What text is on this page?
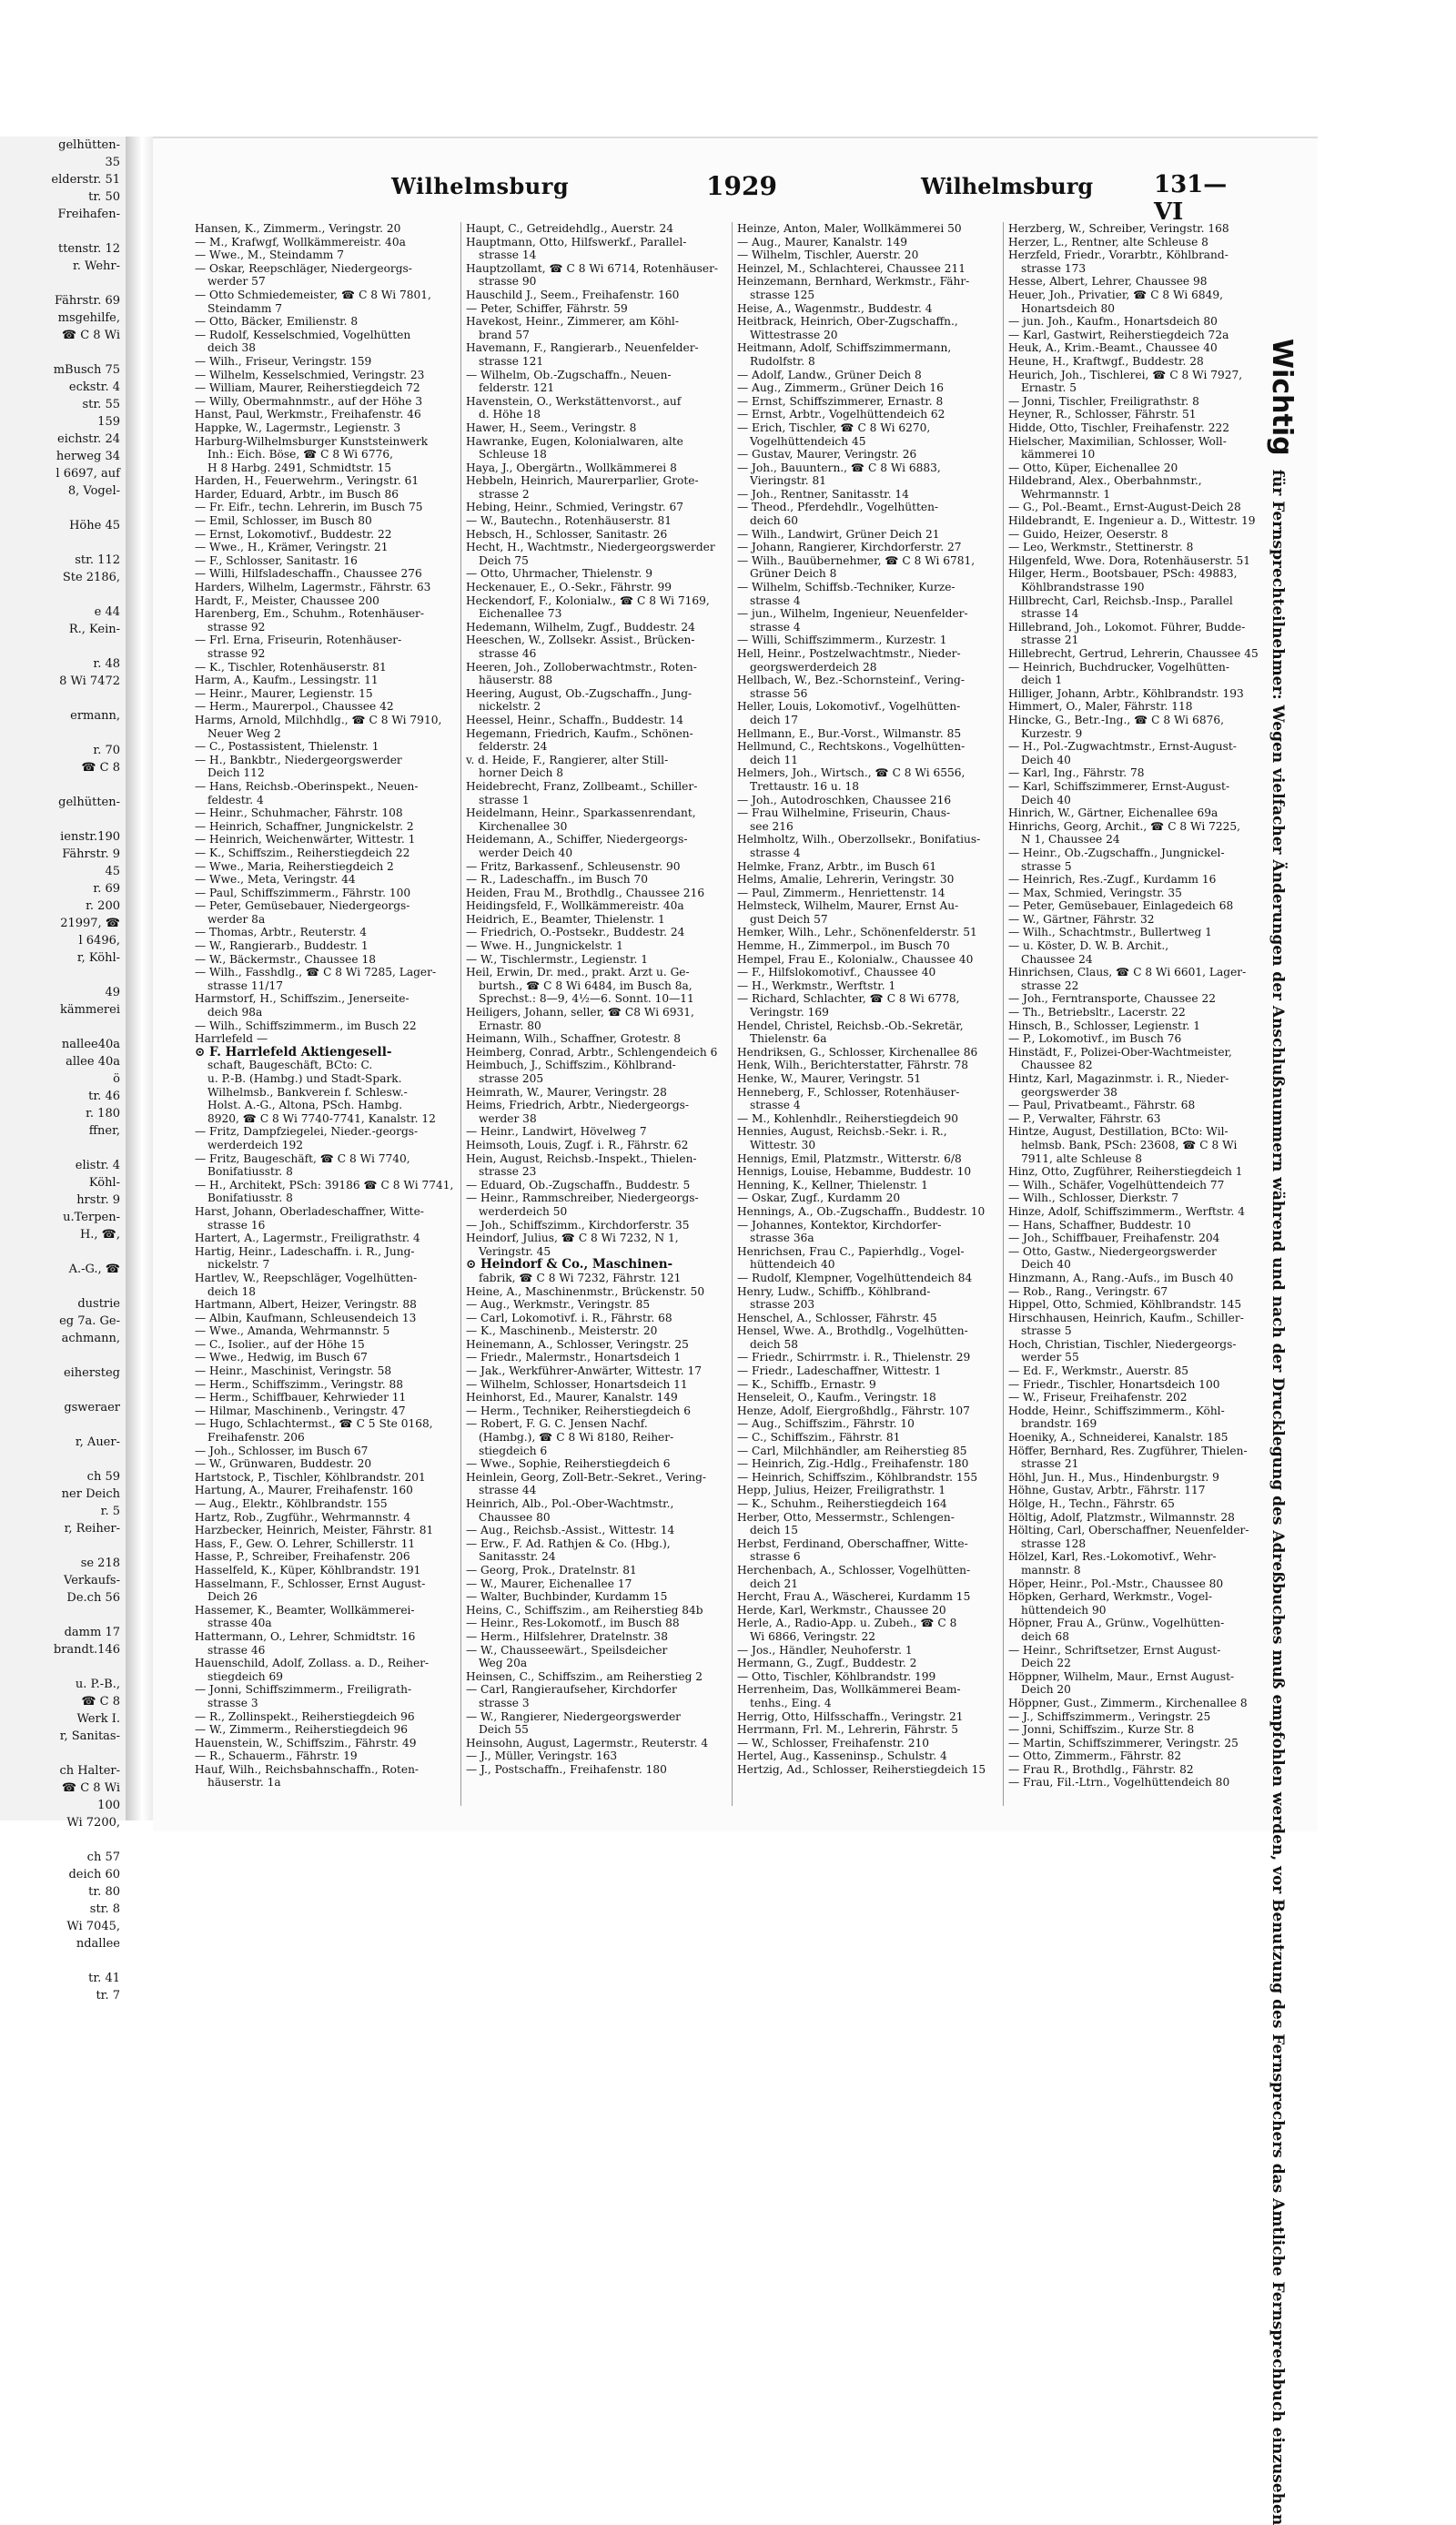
gelhütten-
35
elderstr. 51
tr. 50
Freihafen-

ttenstr. 12
r. Wehr-

Fährstr. 69
msgehilfe,
☎ C 8 Wi

mBusch 75
eckstr. 4
str. 55
159
eichstr. 24
herweg 34
l 6697, auf
8, Vogel-

Höhe 45

str. 112
Ste 2186,

e 44
R., Kein-

r. 48
8 Wi 7472

ermann,

r. 70
☎ C 8

gelhütten-

ienstr.190
Fährstr. 9
45
r. 69
r. 200
21997, ☎
l 6496,
r, Köhl-

49
kämmerei

nallee40a
allee 40a
ö
tr. 46
r. 180
ffner,

elistr. 4
Köhl-
hrstr. 9
u.Terpen-
H., ☎,

A.-G., ☎

dustrie
eg 7a. Ge-
achmann,

eihersteg

gsweraer

r, Auer-

ch 59
ner Deich
r. 5
r, Reiher-

se 218
Verkaufs-
De.ch 56

damm 17
brandt.146

u. P.-B.,
☎ C 8
Werk I.
r, Sanitas-

ch Halter-
☎ C 8 Wi
100
Wi 7200,

ch 57
deich 60
tr. 80
str. 8
Wi 7045,
ndallee

tr. 41
tr. 7
Wilhelmsburg	1929	Wilhelmsburg	131—VI
Hansen, K., Zimmerm., Veringstr. 20
— M., Krafwgf, Wollkämmereistr. 40a
— Wwe., M., Steindamm 7
— Oskar, Reepschläger, Niedergeorgs-
werder 57
— Otto Schmiedemeister, ☎ C 8 Wi 7801,
Steindamm 7
— Otto, Bäcker, Emilienstr. 8
— Rudolf, Kesselschmied, Vogelhütten
deich 38
— Wilh., Friseur, Veringstr. 159
— Wilhelm, Kesselschmied, Veringstr. 23
— William, Maurer, Reiherstiegdeich 72
— Willy, Obermahnmstr., auf der Höhe 3
Hanst, Paul, Werkmstr., Freihafenstr. 46
Happke, W., Lagermstr., Legienstr. 3
Harburg-Wilhelmsburger Kunststeinwerk
Inh.: Eich. Böse, ☎ C 8 Wi 6776,
H 8 Harbg. 2491, Schmidtstr. 15
Harden, H., Feuerwehrm., Veringstr. 61
Harder, Eduard, Arbtr., im Busch 86
— Fr. Eifr., techn. Lehrerin, im Busch 75
— Emil, Schlosser, im Busch 80
— Ernst, Lokomotivf., Buddestr. 22
— Wwe., H., Krämer, Veringstr. 21
— F., Schlosser, Sanitastr. 16
— Willi, Hilfsladeschaffn., Chaussee 276
Harders, Wilhelm, Lagermstr., Fährstr. 63
Hardt, F., Meister, Chaussee 200
Harenberg, Em., Schuhm., Rotenhäuser-
strasse 92
— Frl. Erna, Friseurin, Rotenhäuser-
strasse 92
— K., Tischler, Rotenhäuserstr. 81
Harm, A., Kaufm., Lessingstr. 11
— Heinr., Maurer, Legienstr. 15
— Herm., Maurerpol., Chaussee 42
Harms, Arnold, Milchhdlg., ☎ C 8 Wi 7910,
Neuer Weg 2
— C., Postassistent, Thielenstr. 1
— H., Bankbtr., Niedergeorgswerder
Deich 112
— Hans, Reichsb.-Oberinspekt., Neuen-
feldestr. 4
— Heinr., Schuhmacher, Fährstr. 108
— Heinrich, Schaffner, Jungnickelstr. 2
— Heinrich, Weichenwärter, Wittestr. 1
— K., Schiffszim., Reiherstiegdeich 22
— Wwe., Maria, Reiherstiegdeich 2
— Wwe., Meta, Veringstr. 44
— Paul, Schiffszimmerm., Fährstr. 100
— Peter, Gemüsebauer, Niedergeorgs-
werder 8a
— Thomas, Arbtr., Reuterstr. 4
— W., Rangierarb., Buddestr. 1
— W., Bäckermstr., Chaussee 18
— Wilh., Fasshdlg., ☎ C 8 Wi 7285, Lager-
strasse 11/17
Harmstorf, H., Schiffszim., Jenerseite-
deich 98a
— Wilh., Schiffszimmerm., im Busch 22
Harrlefeld —
⊙ F. Harrlefeld Aktiengesell-
schaft, Baugeschäft, BCto: C.
u. P.-B. (Hambg.) und Stadt-Spark.
Wilhelmsb., Bankverein f. Schlesw.-
Holst. A.-G., Altona, PSch. Hambg.
8920, ☎ C 8 Wi 7740-7741, Kanalstr. 12
— Fritz, Dampfziegelei, Nieder.-georgs-
werderdeich 192
— Fritz, Baugeschäft, ☎ C 8 Wi 7740,
Bonifatiusstr. 8
— H., Architekt, PSch: 39186 ☎ C 8 Wi 7741,
Bonifatiusstr. 8
Harst, Johann, Oberladeschaffner, Witte-
strasse 16
Hartert, A., Lagermstr., Freiligrathstr. 4
Hartig, Heinr., Ladeschaffn. i. R., Jung-
nickelstr. 7
Hartlev, W., Reepschläger, Vogelhütten-
deich 18
Hartmann, Albert, Heizer, Veringstr. 88
— Albin, Kaufmann, Schleusendeich 13
— Wwe., Amanda, Wehrmannstr. 5
— C., Isolier., auf der Höhe 15
— Wwe., Hedwig, im Busch 67
— Heinr., Maschinist, Veringstr. 58
— Herm., Schiffszimm., Veringstr. 88
— Herm., Schiffbauer, Kehrwieder 11
— Hilmar, Maschinenb., Veringstr. 47
— Hugo, Schlachtermst., ☎ C 5 Ste 0168,
Freihafenstr. 206
— Joh., Schlosser, im Busch 67
— W., Grünwaren, Buddestr. 20
Hartstock, P., Tischler, Köhlbrandstr. 201
Hartung, A., Maurer, Freihafenstr. 160
— Aug., Elektr., Köhlbrandstr. 155
Hartz, Rob., Zugführ., Wehrmannstr. 4
Harzbecker, Heinrich, Meister, Fährstr. 81
Hass, F., Gew. O. Lehrer, Schillerstr. 11
Hasse, P., Schreiber, Freihafenstr. 206
Hasselfeld, K., Küper, Köhlbrandstr. 191
Hasselmann, F., Schlosser, Ernst August-
Deich 26
Hassemer, K., Beamter, Wollkämmerei-
strasse 40a
Hattermann, O., Lehrer, Schmidtstr. 16
strasse 46
Hauenschild, Adolf, Zollass. a. D., Reiher-
stiegdeich 69
— Jonni, Schiffszimmerm., Freiligrath-
strasse 3
— R., Zollinspekt., Reiherstiegdeich 96
— W., Zimmerm., Reiherstiegdeich 96
Hauenstein, W., Schiffszim., Fährstr. 49
— R., Schauerm., Fährstr. 19
Hauf, Wilh., Reichsbahnschaffn., Roten-
häuserstr. 1a
Haupt, C., Getreidehdlg., Auerstr. 24
Hauptmann, Otto, Hilfswerkf., Parallel-
strasse 14
Hauptzollamt, ☎ C 8 Wi 6714, Rotenhäuser-
strasse 90
Hauschild J., Seem., Freihafenstr. 160
— Peter, Schiffer, Fährstr. 59
Havekost, Heinr., Zimmerer, am Köhl-
brand 57
Havemann, F., Rangierarb., Neuenfelder-
strasse 121
— Wilhelm, Ob.-Zugschaffn., Neuen-
felderstr. 121
Havenstein, O., Werkstättenvorst., auf
d. Höhe 18
Hawer, H., Seem., Veringstr. 8
Hawranke, Eugen, Kolonialwaren, alte
Schleuse 18
Haya, J., Obergärtn., Wollkämmerei 8
Hebbeln, Heinrich, Maurerparlier, Grote-
strasse 2
Hebing, Heinr., Schmied, Veringstr. 67
— W., Bautechn., Rotenhäuserstr. 81
Hebsch, H., Schlosser, Sanitastr. 26
Hecht, H., Wachtmstr., Niedergeorgswerder
Deich 75
— Otto, Uhrmacher, Thielenstr. 9
Heckenauer, E., O.-Sekr., Fährstr. 99
Heckendorf, F., Kolonialw., ☎ C 8 Wi 7169,
Eichenallee 73
Hedemann, Wilhelm, Zugf., Buddestr. 24
Heeschen, W., Zollsekr. Assist., Brücken-
strasse 46
Heeren, Joh., Zolloberwachtmstr., Roten-
häuserstr. 88
Heering, August, Ob.-Zugschaffn., Jung-
nickelstr. 2
Heessel, Heinr., Schaffn., Buddestr. 14
Hegemann, Friedrich, Kaufm., Schönen-
felderstr. 24
v. d. Heide, F., Rangierer, alter Still-
horner Deich 8
Heidebrecht, Franz, Zollbeamt., Schiller-
strasse 1
Heidelmann, Heinr., Sparkassenrendant,
Kirchenallee 30
Heidemann, A., Schiffer, Niedergeorgs-
werder Deich 40
— Fritz, Barkassenf., Schleusenstr. 90
— R., Ladeschaffn., im Busch 70
Heiden, Frau M., Brothdlg., Chaussee 216
Heidingsfeld, F., Wollkämmereistr. 40a
Heidrich, E., Beamter, Thielenstr. 1
— Friedrich, O.-Postsekr., Buddestr. 24
— Wwe. H., Jungnickelstr. 1
— W., Tischlermstr., Legienstr. 1
Heil, Erwin, Dr. med., prakt. Arzt u. Ge-
burtsh., ☎ C 8 Wi 6484, im Busch 8a,
Sprechst.: 8—9, 4½—6. Sonnt. 10—11
Heiligers, Johann, seller, ☎ C8 Wi 6931,
Ernastr. 80
Heimann, Wilh., Schaffner, Grotestr. 8
Heimberg, Conrad, Arbtr., Schlengendeich 6
Heimbuch, J., Schiffszim., Köhlbrand-
strasse 205
Heimrath, W., Maurer, Veringstr. 28
Heims, Friedrich, Arbtr., Niedergeorgs-
werder 38
— Heinr., Landwirt, Hövelweg 7
Heimsoth, Louis, Zugf. i. R., Fährstr. 62
Hein, August, Reichsb.-Inspekt., Thielen-
strasse 23
— Eduard, Ob.-Zugschaffn., Buddestr. 5
— Heinr., Rammschreiber, Niedergeorgs-
werderdeich 50
— Joh., Schiffszimm., Kirchdorferstr. 35
Heindorf, Julius, ☎ C 8 Wi 7232, N 1,
Veringstr. 45
⊙ Heindorf & Co., Maschinen-
fabrik, ☎ C 8 Wi 7232, Fährstr. 121
Heine, A., Maschinenmstr., Brückenstr. 50
— Aug., Werkmstr., Veringstr. 85
— Carl, Lokomotivf. i. R., Fährstr. 68
— K., Maschinenb., Meisterstr. 20
Heinemann, A., Schlosser, Veringstr. 25
— Friedr., Malermstr., Honartsdeich 1
— Jak., Werkführer-Anwärter, Wittestr. 17
— Wilhelm, Schlosser, Honartsdeich 11
Heinhorst, Ed., Maurer, Kanalstr. 149
— Herm., Techniker, Reiherstiegdeich 6
— Robert, F. G. C. Jensen Nachf.
(Hambg.), ☎ C 8 Wi 8180, Reiher-
stiegdeich 6
— Wwe., Sophie, Reiherstiegdeich 6
Heinlein, Georg, Zoll-Betr.-Sekret., Vering-
strasse 44
Heinrich, Alb., Pol.-Ober-Wachtmstr.,
Chaussee 80
— Aug., Reichsb.-Assist., Wittestr. 14
— Erw., F. Ad. Rathjen & Co. (Hbg.),
Sanitasstr. 24
— Georg, Prok., Dratelnstr. 81
— W., Maurer, Eichenallee 17
— Walter, Buchbinder, Kurdamm 15
Heins, C., Schiffszim., am Reiherstieg 84b
— Heinr., Res-Lokomotf., im Busch 88
— Herm., Hilfslehrer, Dratelnstr. 38
— W., Chausseewärt., Speilsdeicher
Weg 20a
Heinsen, C., Schiffszim., am Reiherstieg 2
— Carl, Rangieraufseher, Kirchdorfer
strasse 3
— W., Rangierer, Niedergeorgswerder
Deich 55
Heinsohn, August, Lagermstr., Reuterstr. 4
— J., Müller, Veringstr. 163
— J., Postschaffn., Freihafenstr. 180
Heinze, Anton, Maler, Wollkämmerei 50
— Aug., Maurer, Kanalstr. 149
— Wilhelm, Tischler, Auerstr. 20
Heinzel, M., Schlachterei, Chaussee 211
Heinzemann, Bernhard, Werkmstr., Fähr-
strasse 125
Heise, A., Wagenmstr., Buddestr. 4
Heitbrack, Heinrich, Ober-Zugschaffn.,
Wittestrasse 20
Heitmann, Adolf, Schiffszimmermann,
Rudolfstr. 8
— Adolf, Landw., Grüner Deich 8
— Aug., Zimmerm., Grüner Deich 16
— Ernst, Schiffszimmerer, Ernastr. 8
— Ernst, Arbtr., Vogelhüttendeich 62
— Erich, Tischler, ☎ C 8 Wi 6270,
Vogelhüttendeich 45
— Gustav, Maurer, Veringstr. 26
— Joh., Bauuntern., ☎ C 8 Wi 6883,
Vieringstr. 81
— Joh., Rentner, Sanitasstr. 14
— Theod., Pferdehdlr., Vogelhütten-
deich 60
— Wilh., Landwirt, Grüner Deich 21
— Johann, Rangierer, Kirchdorferstr. 27
— Wilh., Bauübernehmer, ☎ C 8 Wi 6781,
Grüner Deich 8
— Wilhelm, Schiffsb.-Techniker, Kurze-
strasse 4
— jun., Wilhelm, Ingenieur, Neuenfelder-
strasse 4
— Willi, Schiffszimmerm., Kurzestr. 1
Hell, Heinr., Postzelwachtmstr., Nieder-
georgswerderdeich 28
Hellbach, W., Bez.-Schornsteinf., Vering-
strasse 56
Heller, Louis, Lokomotivf., Vogelhütten-
deich 17
Hellmann, E., Bur.-Vorst., Wilmanstr. 85
Hellmund, C., Rechtskons., Vogelhütten-
deich 11
Helmers, Joh., Wirtsch., ☎ C 8 Wi 6556,
Trettaustr. 16 u. 18
— Joh., Autodroschken, Chaussee 216
— Frau Wilhelmine, Friseurin, Chaus-
see 216
Helmholtz, Wilh., Oberzollsekr., Bonifatius-
strasse 4
Helmke, Franz, Arbtr., im Busch 61
Helms, Amalie, Lehrerin, Veringstr. 30
— Paul, Zimmerm., Henriettenstr. 14
Helmsteck, Wilhelm, Maurer, Ernst Au-
gust Deich 57
Hemker, Wilh., Lehr., Schönenfelderstr. 51
Hemme, H., Zimmerpol., im Busch 70
Hempel, Frau E., Kolonialw., Chaussee 40
— F., Hilfslokomotivf., Chaussee 40
— H., Werkmstr., Werftstr. 1
— Richard, Schlachter, ☎ C 8 Wi 6778,
Veringstr. 169
Hendel, Christel, Reichsb.-Ob.-Sekretär,
Thielenstr. 6a
Hendriksen, G., Schlosser, Kirchenallee 86
Henk, Wilh., Berichterstatter, Fährstr. 78
Henke, W., Maurer, Veringstr. 51
Henneberg, F., Schlosser, Rotenhäuser-
strasse 4
— M., Kohlenhdlr., Reiherstiegdeich 90
Hennies, August, Reichsb.-Sekr. i. R.,
Wittestr. 30
Hennigs, Emil, Platzmstr., Witterstr. 6/8
Hennigs, Louise, Hebamme, Buddestr. 10
Henning, K., Kellner, Thielenstr. 1
— Oskar, Zugf., Kurdamm 20
Hennings, A., Ob.-Zugschaffn., Buddestr. 10
— Johannes, Kontektor, Kirchdorfer-
strasse 36a
Henrichsen, Frau C., Papierhdlg., Vogel-
hüttendeich 40
— Rudolf, Klempner, Vogelhüttendeich 84
Henry, Ludw., Schiffb., Köhlbrand-
strasse 203
Henschel, A., Schlosser, Fährstr. 45
Hensel, Wwe. A., Brothdlg., Vogelhütten-
deich 58
— Friedr., Schirrmstr. i. R., Thielenstr. 29
— Friedr., Ladeschaffner, Wittestr. 1
— K., Schiffb., Ernastr. 9
Henseleit, O., Kaufm., Veringstr. 18
Henze, Adolf, Eiergroßhdlg., Fährstr. 107
— Aug., Schiffszim., Fährstr. 10
— C., Schiffszim., Fährstr. 81
— Carl, Milchhändler, am Reiherstieg 85
— Heinrich, Zig.-Hdlg., Freihafenstr. 180
— Heinrich, Schiffszim., Köhlbrandstr. 155
Hepp, Julius, Heizer, Freiligrathstr. 1
— K., Schuhm., Reiherstiegdeich 164
Herber, Otto, Messermstr., Schlengen-
deich 15
Herbst, Ferdinand, Oberschaffner, Witte-
strasse 6
Herchenbach, A., Schlosser, Vogelhütten-
deich 21
Hercht, Frau A., Wäscherei, Kurdamm 15
Herde, Karl, Werkmstr., Chaussee 20
Herle, A., Radio-App. u. Zubeh., ☎ C 8
Wi 6866, Veringstr. 22
— Jos., Händler, Neuhoferstr. 1
Hermann, G., Zugf., Buddestr. 2
— Otto, Tischler, Köhlbrandstr. 199
Herrenheim, Das, Wollkämmerei Beam-
tenhs., Eing. 4
Herrig, Otto, Hilfsschaffn., Veringstr. 21
Herrmann, Frl. M., Lehrerin, Fährstr. 5
— W., Schlosser, Freihafenstr. 210
Hertel, Aug., Kasseninsp., Schulstr. 4
Hertzig, Ad., Schlosser, Reiherstiegdeich 15
Herzberg, W., Schreiber, Veringstr. 168
Herzer, L., Rentner, alte Schleuse 8
Herzfeld, Friedr., Vorarbtr., Köhlbrand-
strasse 173
Hesse, Albert, Lehrer, Chaussee 98
Heuer, Joh., Privatier, ☎ C 8 Wi 6849,
Honartsdeich 80
— jun. Joh., Kaufm., Honartsdeich 80
— Karl, Gastwirt, Reiherstiegdeich 72a
Heuk, A., Krim.-Beamt., Chaussee 40
Heune, H., Kraftwgf., Buddestr. 28
Heurich, Joh., Tischlerei, ☎ C 8 Wi 7927,
Ernastr. 5
— Jonni, Tischler, Freiligrathstr. 8
Heyner, R., Schlosser, Fährstr. 51
Hidde, Otto, Tischler, Freihafenstr. 222
Hielscher, Maximilian, Schlosser, Woll-
kämmerei 10
— Otto, Küper, Eichenallee 20
Hildebrand, Alex., Oberbahnmstr.,
Wehrmannstr. 1
— G., Pol.-Beamt., Ernst-August-Deich 28
Hildebrandt, E. Ingenieur a. D., Wittestr. 19
— Guido, Heizer, Oeserstr. 8
— Leo, Werkmstr., Stettinerstr. 8
Hilgenfeld, Wwe. Dora, Rotenhäuserstr. 51
Hilger, Herm., Bootsbauer, PSch: 49883,
Köhlbrandstrasse 190
Hillbrecht, Carl, Reichsb.-Insp., Parallel
strasse 14
Hillebrand, Joh., Lokomot. Führer, Budde-
strasse 21
Hillebrecht, Gertrud, Lehrerin, Chaussee 45
— Heinrich, Buchdrucker, Vogelhütten-
deich 1
Hilliger, Johann, Arbtr., Köhlbrandstr. 193
Himmert, O., Maler, Fährstr. 118
Hincke, G., Betr.-Ing., ☎ C 8 Wi 6876,
Kurzestr. 9
— H., Pol.-Zugwachtmstr., Ernst-August-
Deich 40
— Karl, Ing., Fährstr. 78
— Karl, Schiffszimmerer, Ernst-August-
Deich 40
Hinrich, W., Gärtner, Eichenallee 69a
Hinrichs, Georg, Archit., ☎ C 8 Wi 7225,
N 1, Chaussee 24
— Heinr., Ob.-Zugschaffn., Jungnickel-
strasse 5
— Heinrich, Res.-Zugf., Kurdamm 16
— Max, Schmied, Veringstr. 35
— Peter, Gemüsebauer, Einlagedeich 68
— W., Gärtner, Fährstr. 32
— Wilh., Schachtmstr., Bullertweg 1
— u. Köster, D. W. B. Archit.,
Chaussee 24
Hinrichsen, Claus, ☎ C 8 Wi 6601, Lager-
strasse 22
— Joh., Ferntransporte, Chaussee 22
— Th., Betriebsltr., Lacerstr. 22
Hinsch, B., Schlosser, Legienstr. 1
— P., Lokomotivf., im Busch 76
Hinstädt, F., Polizei-Ober-Wachtmeister,
Chaussee 82
Hintz, Karl, Magazinmstr. i. R., Nieder-
georgswerder 38
— Paul, Privatbeamt., Fährstr. 68
— P., Verwalter, Fährstr. 63
Hintze, August, Destillation, BCto: Wil-
helmsb. Bank, PSch: 23608, ☎ C 8 Wi
7911, alte Schleuse 8
Hinz, Otto, Zugführer, Reiherstiegdeich 1
— Wilh., Schäfer, Vogelhüttendeich 77
— Wilh., Schlosser, Dierkstr. 7
Hinze, Adolf, Schiffszimmerm., Werftstr. 4
— Hans, Schaffner, Buddestr. 10
— Joh., Schiffbauer, Freihafenstr. 204
— Otto, Gastw., Niedergeorgswerder
Deich 40
Hinzmann, A., Rang.-Aufs., im Busch 40
— Rob., Rang., Veringstr. 67
Hippel, Otto, Schmied, Köhlbrandstr. 145
Hirschhausen, Heinrich, Kaufm., Schiller-
strasse 5
Hoch, Christian, Tischler, Niedergeorgs-
werder 55
— Ed. F., Werkmstr., Auerstr. 85
— Friedr., Tischler, Honartsdeich 100
— W., Friseur, Freihafenstr. 202
Hodde, Heinr., Schiffszimmerm., Köhl-
brandstr. 169
Hoeniky, A., Schneiderei, Kanalstr. 185
Höffer, Bernhard, Res. Zugführer, Thielen-
strasse 21
Höhl, Jun. H., Mus., Hindenburgstr. 9
Höhne, Gustav, Arbtr., Fährstr. 117
Hölge, H., Techn., Fährstr. 65
Höltig, Adolf, Platzmstr., Wilmannstr. 28
Hölting, Carl, Oberschaffner, Neuenfelder-
strasse 128
Hölzel, Karl, Res.-Lokomotivf., Wehr-
mannstr. 8
Höper, Heinr., Pol.-Mstr., Chaussee 80
Höpken, Gerhard, Werkmstr., Vogel-
hüttendeich 90
Höpner, Frau A., Grünw., Vogelhütten-
deich 68
— Heinr., Schriftsetzer, Ernst August-
Deich 22
Höppner, Wilhelm, Maur., Ernst August-
Deich 20
Höppner, Gust., Zimmerm., Kirchenallee 8
— J., Schiffszimmerm., Veringstr. 25
— Jonni, Schiffszim., Kurze Str. 8
— Martin, Schiffszimmerer, Veringstr. 25
— Otto, Zimmerm., Fährstr. 82
— Frau R., Brothdlg., Fährstr. 82
— Frau, Fil.-Ltrn., Vogelhüttendeich 80
Wichtig für Fernsprechteilnehmer: Wegen vielfacher Änderungen der Anschlußnummern während und nach der Drucklegung des Adreßbuches muß empfohlen werden, vor Benutzung des Fernsprechers das Amtliche Fernsprechbuch einzusehen
